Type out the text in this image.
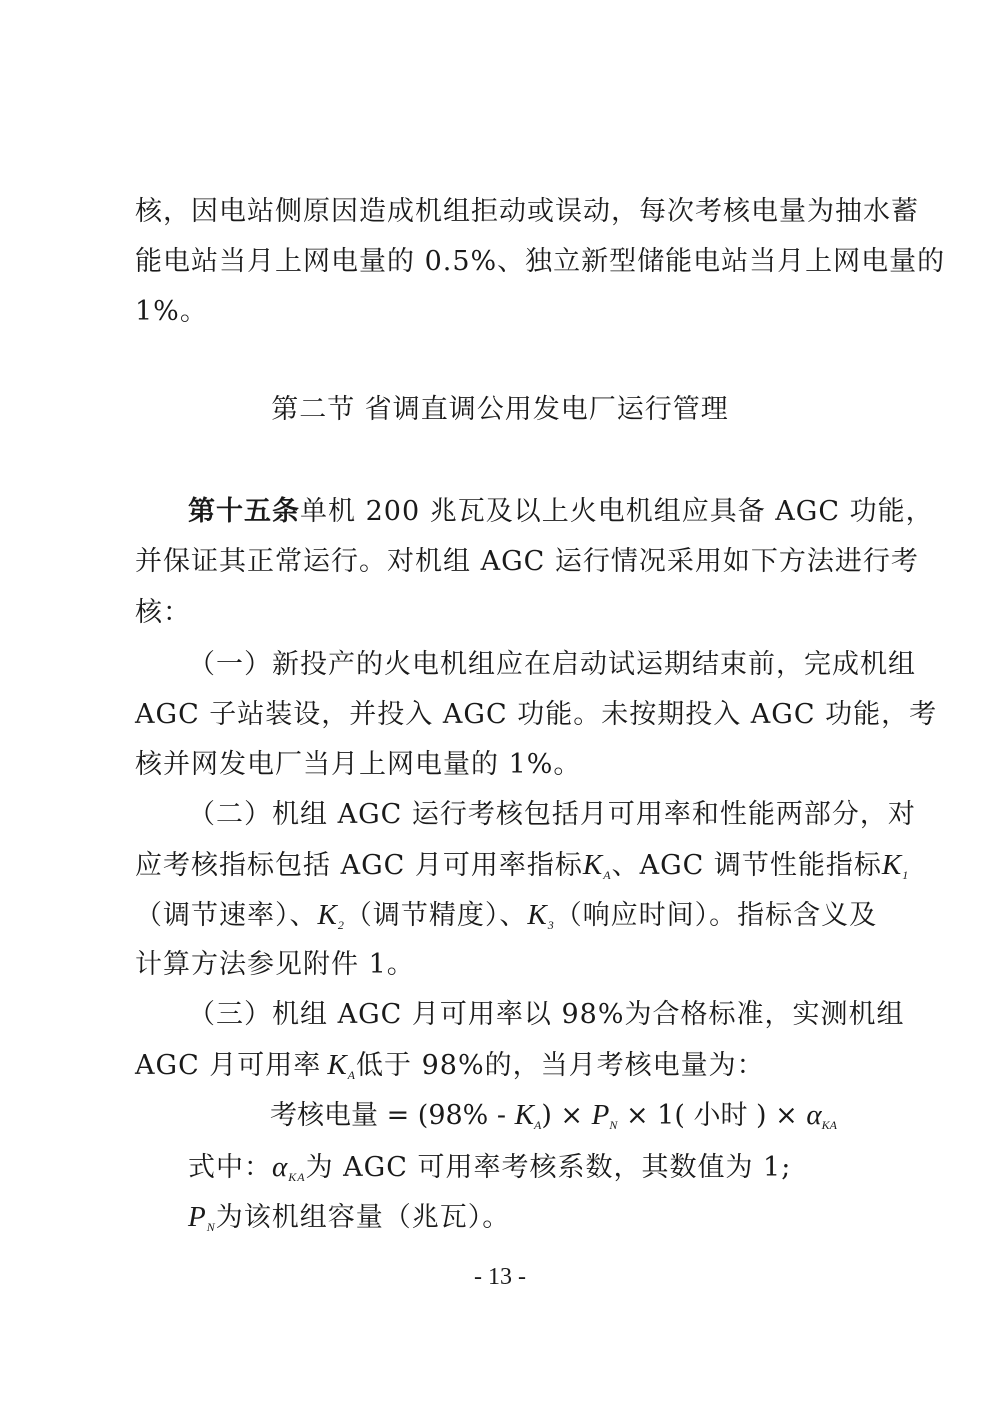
核，因电站侧原因造成机组拒动或误动，每次考核电量为抽水蓄
能电站当月上网电量的 0.5%、独立新型储能电站当月上网电量的
1%。
第二节 省调直调公用发电厂运行管理
第十五条 单机 200 兆瓦及以上火电机组应具备 AGC 功能，
并保证其正常运行。对机组 AGC 运行情况采用如下方法进行考
核：
（一）新投产的火电机组应在启动试运期结束前，完成机组
AGC 子站装设，并投入 AGC 功能。未按期投入 AGC 功能，考
核并网发电厂当月上网电量的 1%。
（二）机组 AGC 运行考核包括月可用率和性能两部分，对
应考核指标包括 AGC 月可用率指标$K_A$ 、AGC 调节性能指标$K_1$
（调节速率）、 $K_2$ （调节精度）、 $K_3$ （响应时间）。指标含义及
计算方法参见附件 1。
（三）机组 AGC 月可用率以 98%为合格标准，实测机组
AGC 月可用率 $K_A$ 低于 98%的，当月考核电量为：
考核电量 = $(98\% - K_A) \times P_N \times 1$( 小时 ) × $\alpha_{KA}$
式中：$\alpha_{KA}$为 AGC 可用率考核系数，其数值为 1;
$P_N$为该机组容量（兆瓦）。
- 13 -
